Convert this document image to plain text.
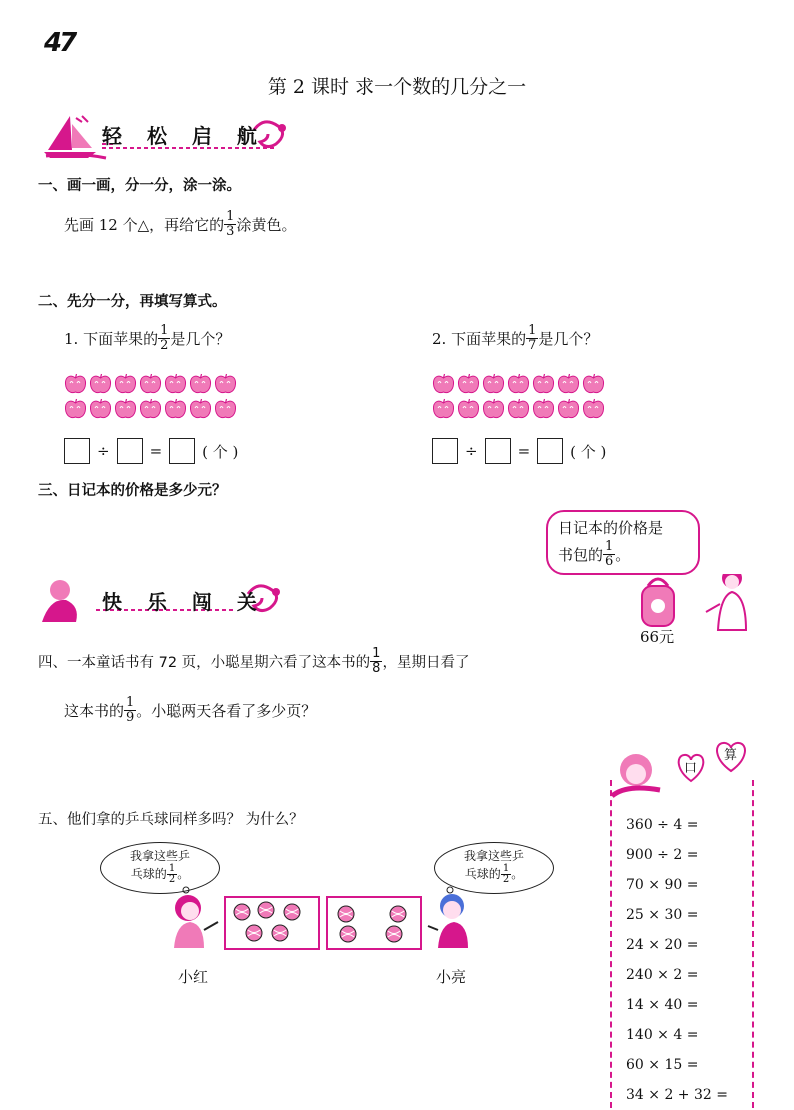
47
第 2 课时 求一个数的几分之一
轻 松 启 航
一、画一画，分一分，涂一涂。
先画 12 个△，再给它的 $\frac{1}{3}$ 涂黄色。
二、先分一分，再填写算式。
1. 下面苹果的 $\frac{1}{2}$ 是几个？	2. 下面苹果的 $\frac{1}{7}$ 是几个？
÷	=	( 个 )	÷	=	( 个 )
三、日记本的价格是多少元？
日记本的价格是
书包的 $\frac{1}{6}$ 。
66元
快 乐 闯 关
四、一本童话书有 72 页，小聪星期六看了这本书的 $\frac{1}{8}$ ，星期日看了
这本书的 $\frac{1}{9}$ 。小聪两天各看了多少页？
口
算
360 ÷ 4 =
900 ÷ 2 =
70 × 90 =
25 × 30 =
24 × 20 =
240 × 2 =
14 × 40 =
140 × 4 =
60 × 15 =
34 × 2 + 32 =
五、他们拿的乒乓球同样多吗？ 为什么？
我拿这些乒
乓球的 $\frac{1}{2}$ 。
我拿这些乒
乓球的 $\frac{1}{2}$ 。
小红	小亮
